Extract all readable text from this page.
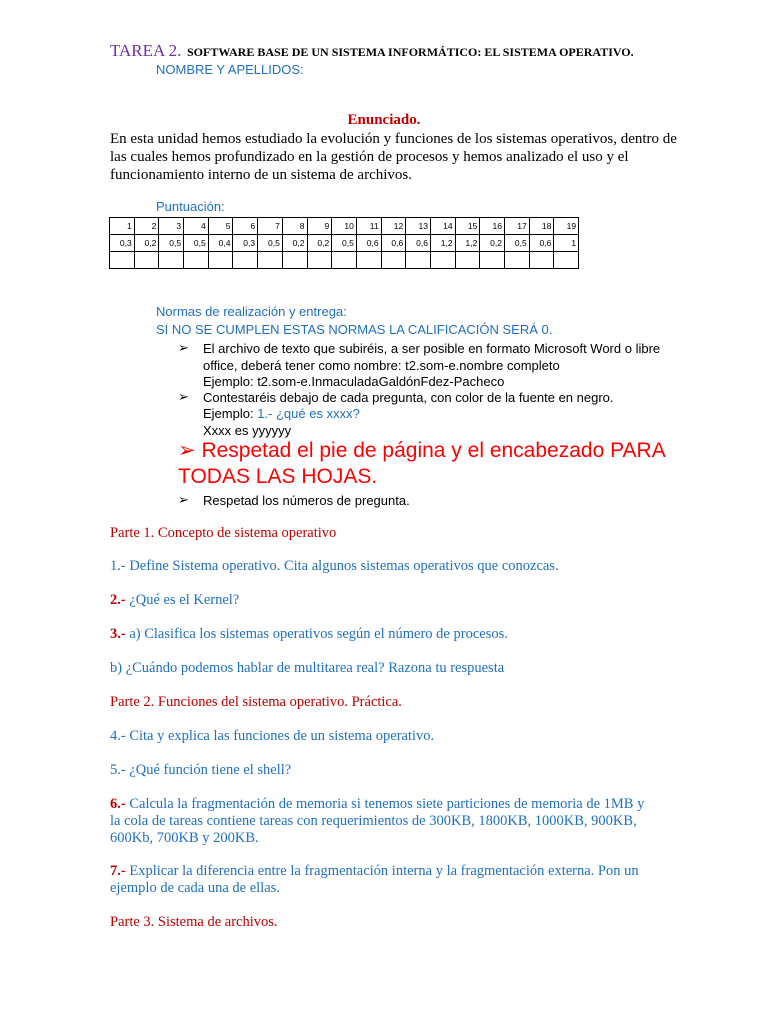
TAREA 2. SOFTWARE BASE DE UN SISTEMA INFORMÁTICO: EL SISTEMA OPERATIVO.
NOMBRE Y APELLIDOS:
Enunciado.
En esta unidad hemos estudiado la evolución y funciones de los sistemas operativos, dentro de las cuales hemos profundizado en la gestión de procesos y hemos analizado el uso y el funcionamiento interno de un sistema de archivos.
Puntuación:
1	2	3	4	5	6	7	8	9	10	11	12	13	14	15	16	17	18	19
0,3	0,2	0,5	0,5	0,4	0,3	0,5	0,2	0,2	0,5	0,6	0,6	0,6	1,2	1,2	0,2	0,5	0,6	1

Normas de realización y entrega:
SI NO SE CUMPLEN ESTAS NORMAS LA CALIFICACIÓN SERÁ 0.
➢ El archivo de texto que subiréis, a ser posible en formato Microsoft Word o libre
office, deberá tener como nombre: t2.som-e.nombre completo
Ejemplo: t2.som-e.InmaculadaGaldónFdez-Pacheco
➢ Contestaréis debajo de cada pregunta, con color de la fuente en negro.
Ejemplo: 1.- ¿qué es xxxx?
Xxxx es yyyyyy
➢ Respetad el pie de página y el encabezado PARA
TODAS LAS HOJAS.
➢ Respetad los números de pregunta.
Parte 1. Concepto de sistema operativo
1.- Define Sistema operativo. Cita algunos sistemas operativos que conozcas.
2.- ¿Qué es el Kernel?
3.- a) Clasifica los sistemas operativos según el número de procesos.
b) ¿Cuándo podemos hablar de multitarea real? Razona tu respuesta
Parte 2. Funciones del sistema operativo. Práctica.
4.- Cita y explica las funciones de un sistema operativo.
5.- ¿Qué función tiene el shell?
6.- Calcula la fragmentación de memoria si tenemos siete particiones de memoria de 1MB y
la cola de tareas contiene tareas con requerimientos de 300KB, 1800KB, 1000KB, 900KB,
600Kb, 700KB y 200KB.
7.- Explicar la diferencia entre la fragmentación interna y la fragmentación externa. Pon un
ejemplo de cada una de ellas.
Parte 3. Sistema de archivos.
